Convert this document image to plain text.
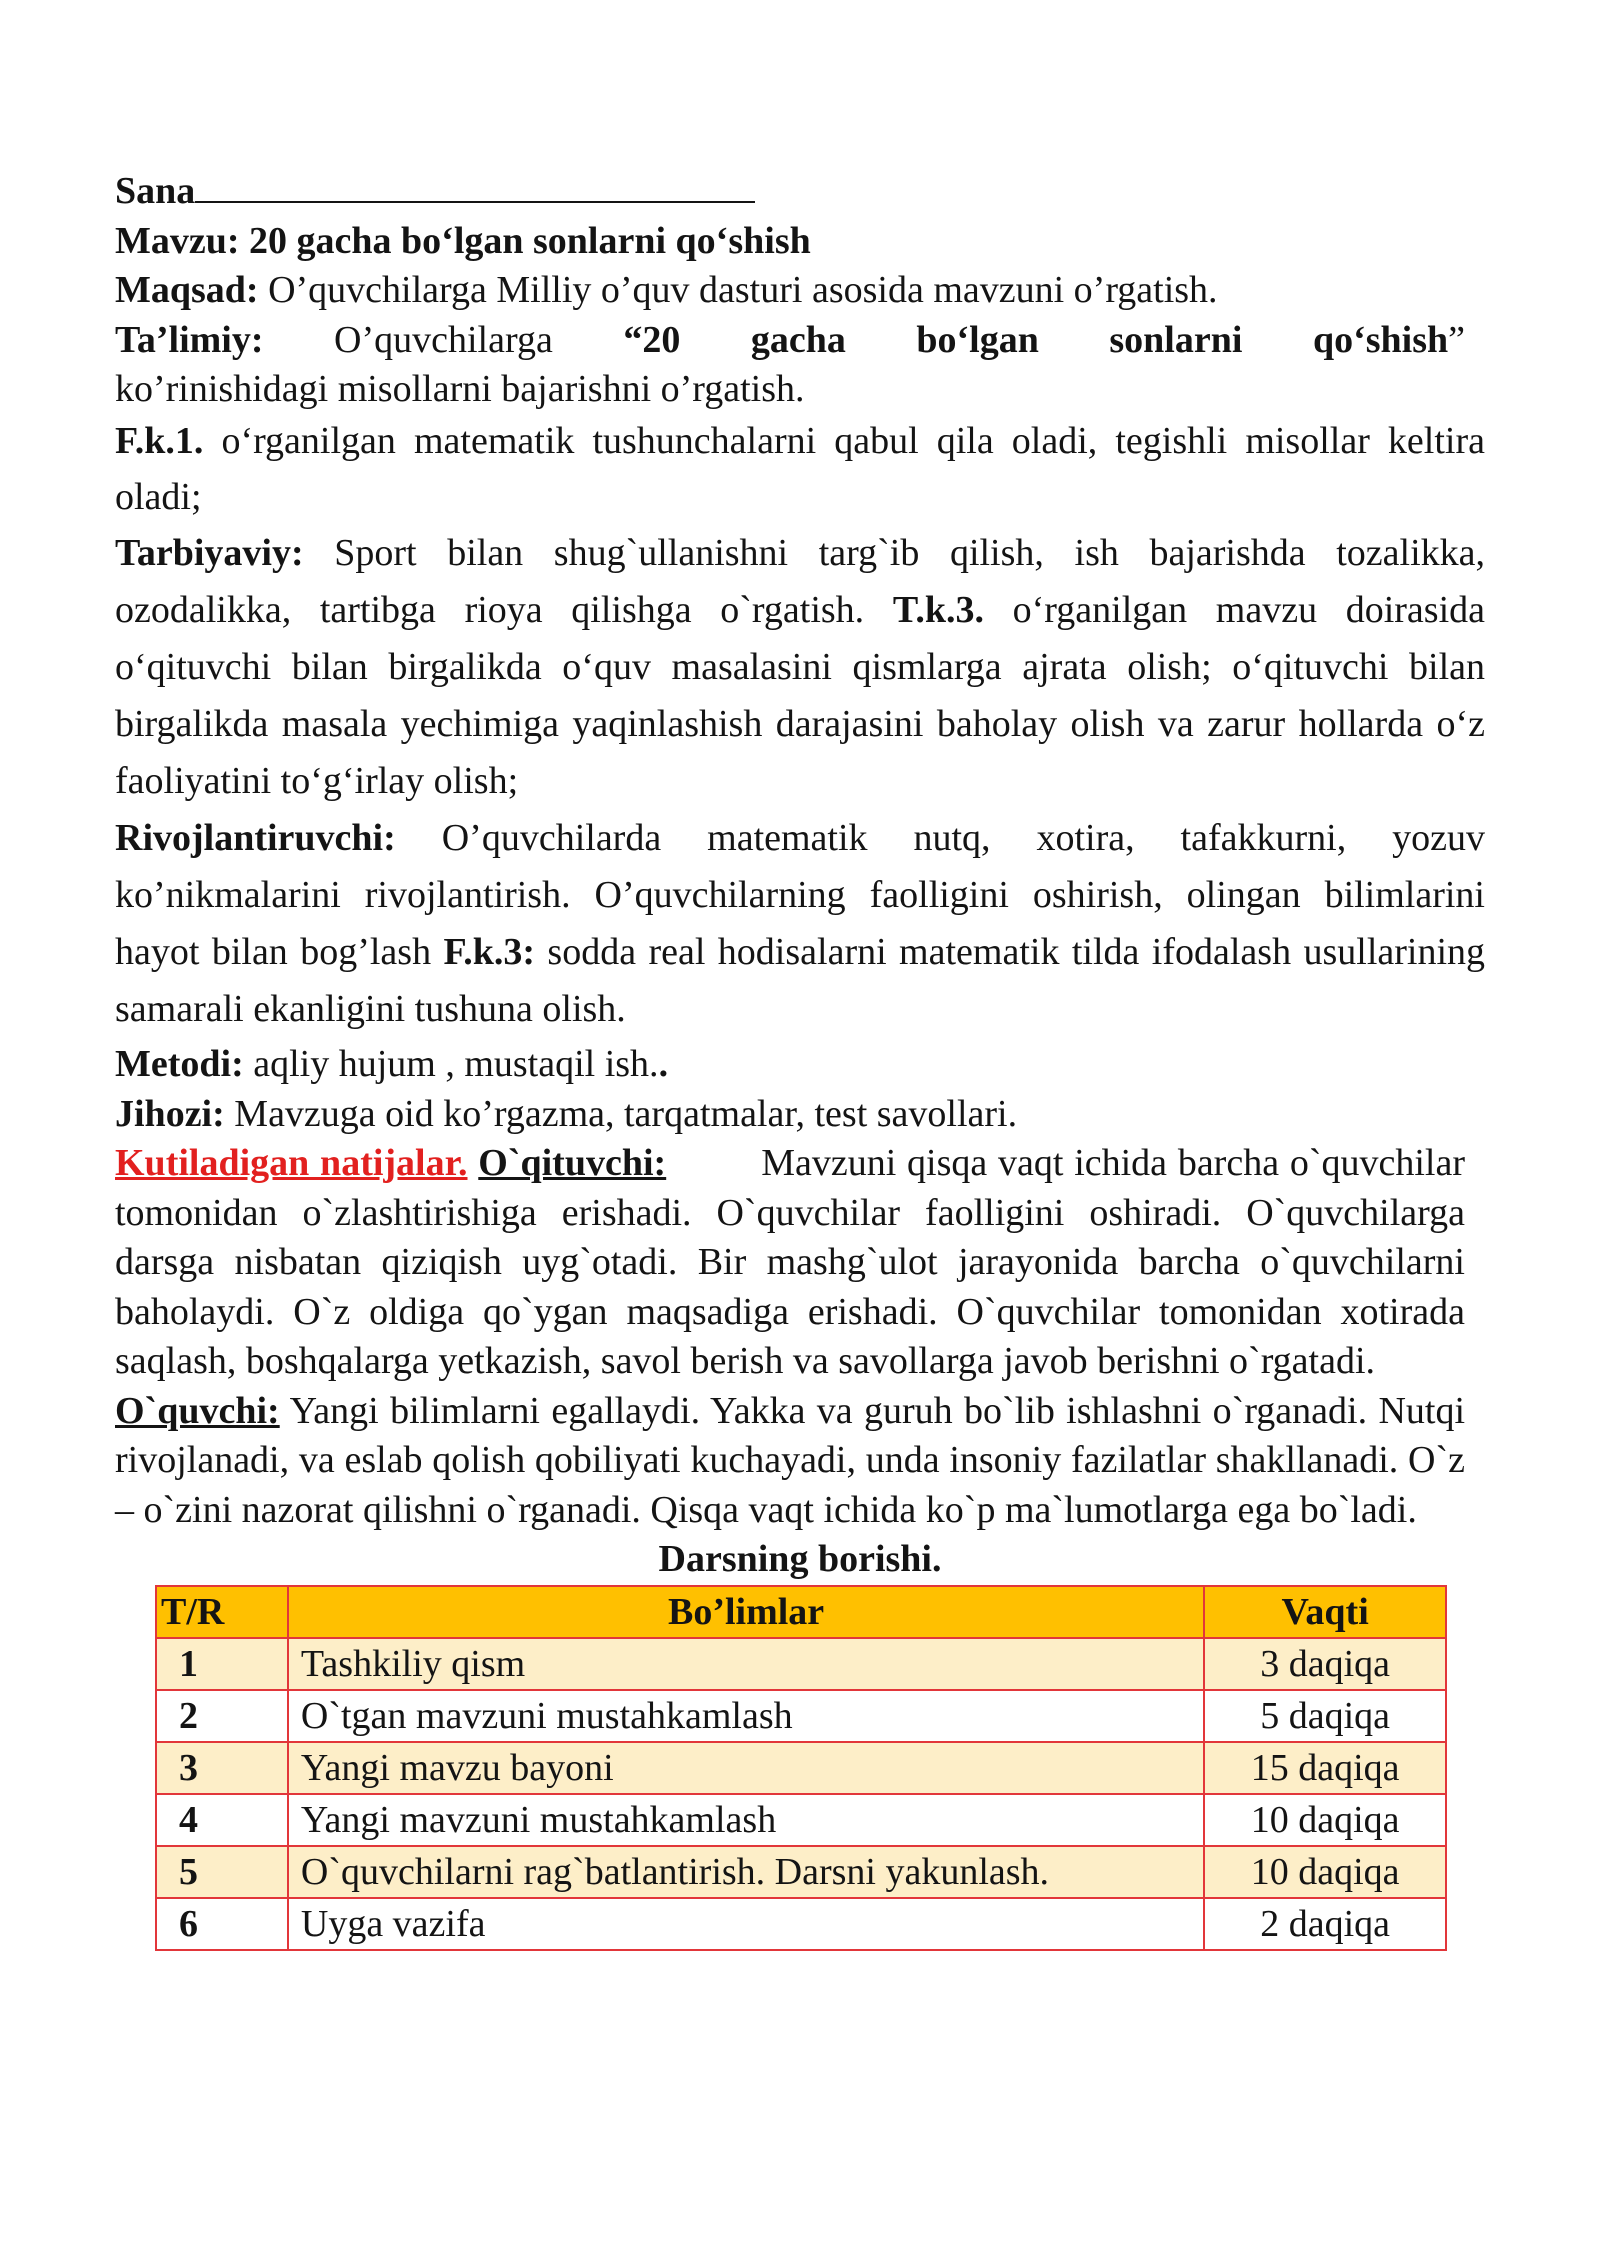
Sana

Mavzu: 20 gacha bo‘lgan sonlarni qo‘shish

Maqsad: O’quvchilarga Milliy o’quv dasturi asosida mavzuni o’rgatish.

Ta’limiy: O’quvchilarga “20 gacha bo‘lgan sonlarni qo‘shish”

ko’rinishidagi misollarni bajarishni o’rgatish.

F.k.1. o‘rganilgan matematik tushunchalarni qabul qila oladi, tegishli misollar keltira oladi;

Tarbiyaviy: Sport bilan shug`ullanishni targ`ib qilish, ish bajarishda tozalikka, ozodalikka, tartibga rioya qilishga o`rgatish. T.k.3. o‘rganilgan mavzu doirasida o‘qituvchi bilan birgalikda o‘quv masalasini qismlarga ajrata olish; o‘qituvchi bilan birgalikda masala yechimiga yaqinlashish darajasini baholay olish va zarur hollarda o‘z faoliyatini to‘g‘irlay olish;

Rivojlantiruvchi: O’quvchilarda matematik nutq, xotira, tafakkurni, yozuv ko’nikmalarini rivojlantirish. O’quvchilarning faolligini oshirish, olingan bilimlarini hayot bilan bog’lash F.k.3: sodda real hodisalarni matematik tilda ifodalash usullarining samarali ekanligini tushuna olish.

Metodi: aqliy hujum , mustaqil ish..

Jihozi: Mavzuga oid ko’rgazma, tarqatmalar, test savollari.

Kutiladigan natijalar. O`qituvchi:	Mavzuni qisqa vaqt ichida barcha o`quvchilar tomonidan o`zlashtirishiga erishadi. O`quvchilar faolligini oshiradi. O`quvchilarga darsga nisbatan qiziqish uyg`otadi. Bir mashg`ulot jarayonida barcha o`quvchilarni baholaydi. O`z oldiga qo`ygan maqsadiga erishadi. O`quvchilar tomonidan xotirada saqlash, boshqalarga yetkazish, savol berish va savollarga javob berishni o`rgatadi.

O`quvchi: Yangi bilimlarni egallaydi. Yakka va guruh bo`lib ishlashni o`rganadi. Nutqi rivojlanadi, va eslab qolish qobiliyati kuchayadi, unda insoniy fazilatlar shakllanadi. O`z – o`zini nazorat qilishni o`rganadi. Qisqa vaqt ichida ko`p ma`lumotlarga ega bo`ladi.

Darsning borishi.

T/R	Bo’limlar	Vaqti
1	Tashkiliy qism	3 daqiqa
2	O`tgan mavzuni mustahkamlash	5 daqiqa
3	Yangi mavzu bayoni	15 daqiqa
4	Yangi mavzuni mustahkamlash	10 daqiqa
5	O`quvchilarni rag`batlantirish. Darsni yakunlash.	10 daqiqa
6	Uyga vazifa	2 daqiqa
